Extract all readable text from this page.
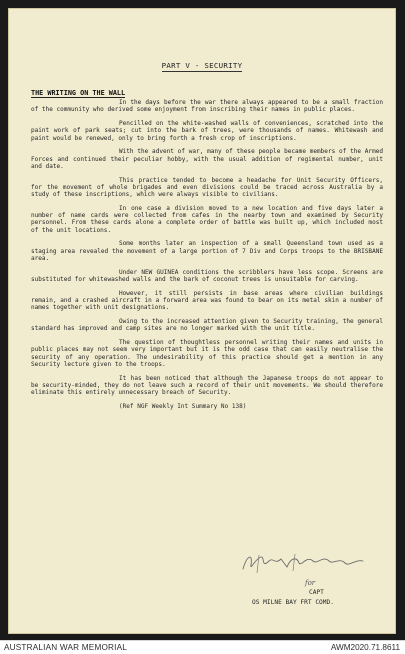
PART V - SECURITY
THE WRITING ON THE WALL

In the days before the war there always appeared to be a small fraction of the community who derived some enjoyment from inscribing their names in public places.

Pencilled on the white-washed walls of conveniences, scratched into the paint work of park seats; cut into the bark of trees, were thousands of names. Whitewash and paint would be renewed, only to bring forth a fresh crop of inscriptions.

With the advent of war, many of these people became members of the Armed Forces and continued their peculiar hobby, with the usual addition of regimental number, unit and date.

This practice tended to become a headache for Unit Security Officers, for the movement of whole brigades and even divisions could be traced across Australia by a study of these inscriptions, which were always visible to civilians.

In one case a division moved to a new location and five days later a number of name cards were collected from cafes in the nearby town and examined by Security personnel. From these cards alone a complete order of battle was built up, which included most of the unit locations.

Some months later an inspection of a small Queensland town used as a staging area revealed the movement of a large portion of 7 Div and Corps troops to the BRISBANE area.

Under NEW GUINEA conditions the scribblers have less scope. Screens are substituted for whitewashed walls and the bark of coconut trees is unsuitable for carving.

However, it still persists in base areas where civilian buildings remain, and a crashed aircraft in a forward area was found to bear on its metal skin a number of names together with unit designations.

Owing to the increased attention given to Security training, the general standard has improved and camp sites are no longer marked with the unit title.

The question of thoughtless personnel writing their names and units in public places may not seem very important but it is the odd case that can easily neutralise the security of any operation. The undesirability of this practice should get a mention in any Security lecture given to the troops.

It has been noticed that although the Japanese troops do not appear to be security-minded, they do not leave such a record of their unit movements. We should therefore eliminate this entirely unnecessary breach of Security.

(Ref NGF Weekly Int Summary No 138)
for
CAPT
OS MILNE BAY FRT COMD.
AUSTRALIAN WAR MEMORIAL	AWM2020.71.8611
